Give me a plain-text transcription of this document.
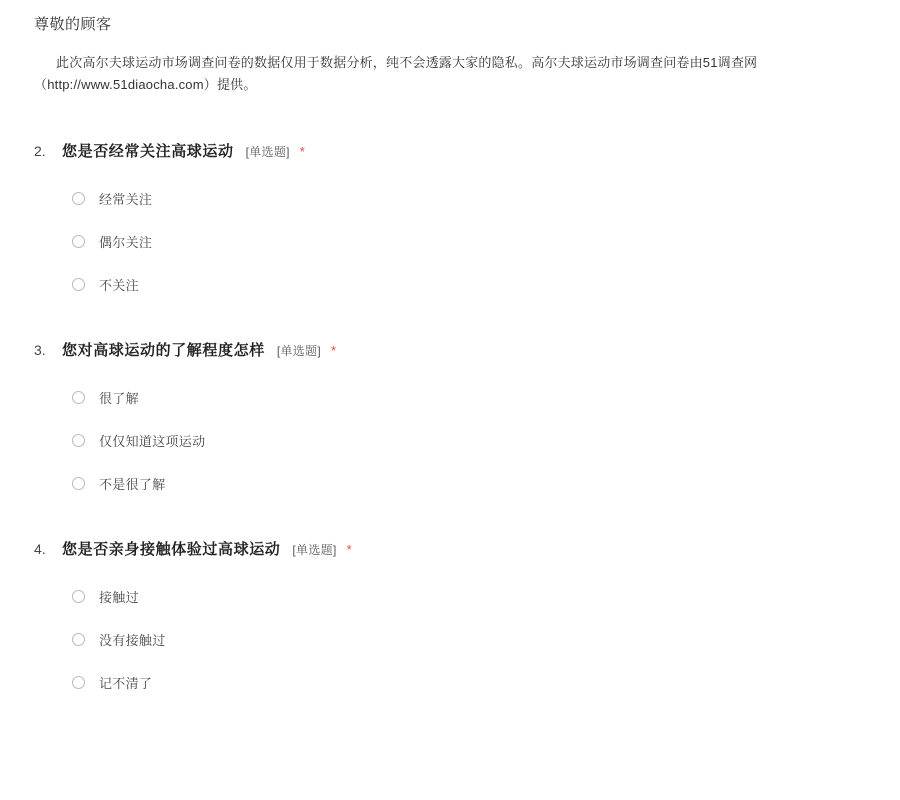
尊敬的顾客
此次高尔夫球运动市场调查问卷的数据仅用于数据分析，纯不会透露大家的隐私。高尔夫球运动市场调查问卷由51调查网（http://www.51diaocha.com）提供。
2.	您是否经常关注高球运动 [单选题] *
经常关注
偶尔关注
不关注
3.	您对高球运动的了解程度怎样 [单选题] *
很了解
仅仅知道这项运动
不是很了解
4.	您是否亲身接触体验过高球运动 [单选题] *
接触过
没有接触过
记不清了
